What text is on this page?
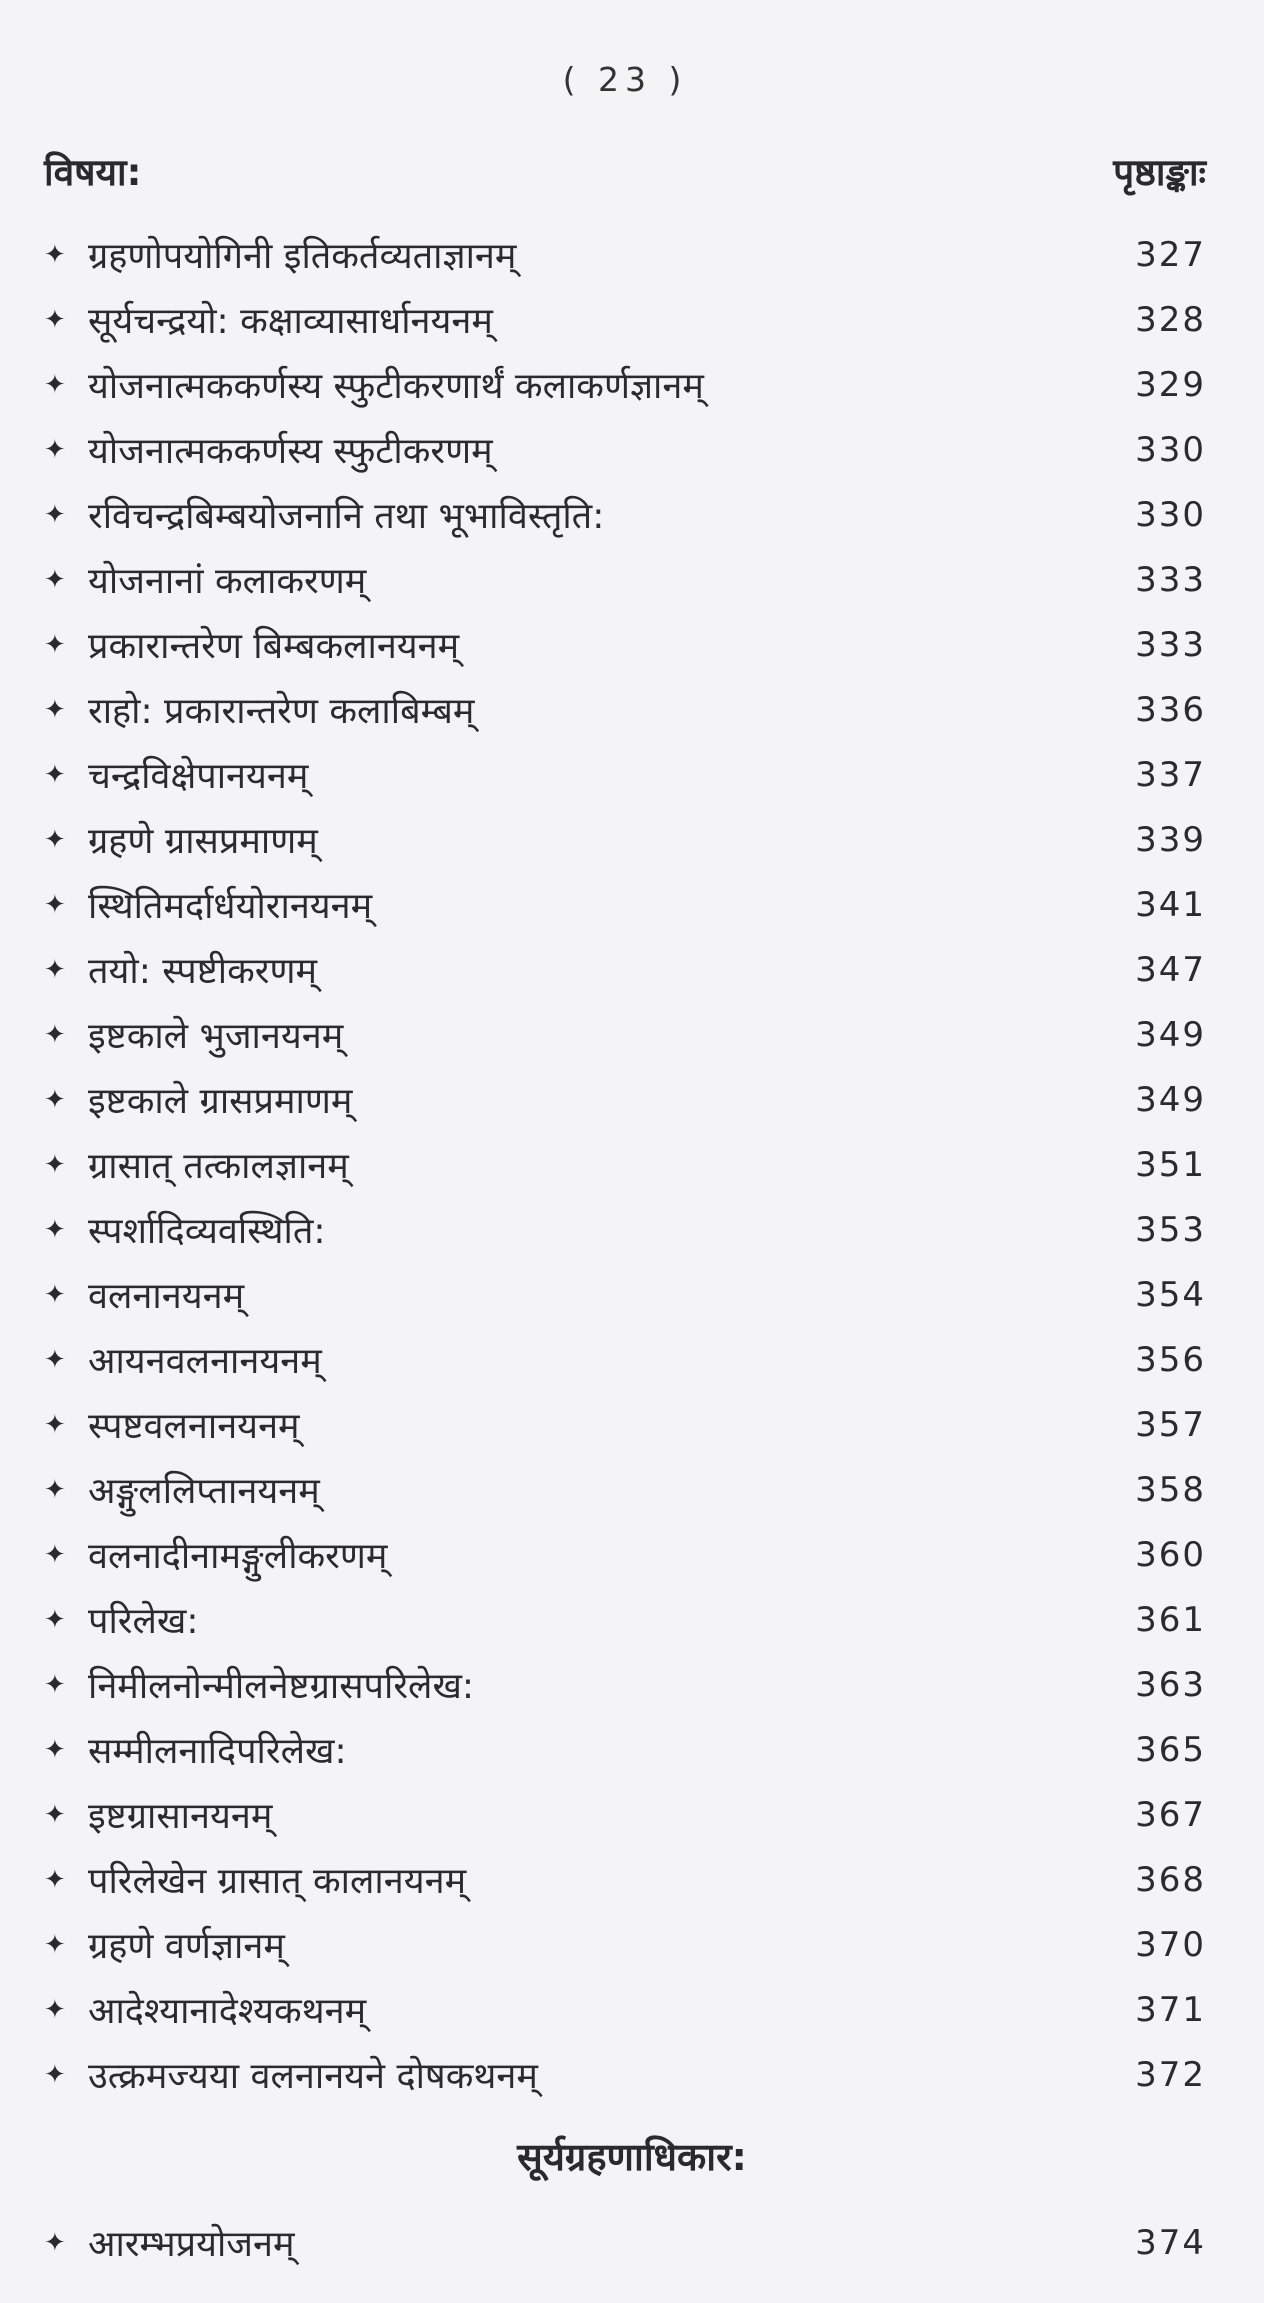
( 23 )
विषया:	पृष्ठाङ्काः
✦ ग्रहणोपयोगिनी इतिकर्तव्यताज्ञानम्	327
✦ सूर्यचन्द्रयो: कक्षाव्यासार्धानयनम्	328
✦ योजनात्मककर्णस्य स्फुटीकरणार्थं कलाकर्णज्ञानम्	329
✦ योजनात्मककर्णस्य स्फुटीकरणम्	330
✦ रविचन्द्रबिम्बयोजनानि तथा भूभाविस्तृति:	330
✦ योजनानां कलाकरणम्	333
✦ प्रकारान्तरेण बिम्बकलानयनम्	333
✦ राहो: प्रकारान्तरेण कलाबिम्बम्	336
✦ चन्द्रविक्षेपानयनम्	337
✦ ग्रहणे ग्रासप्रमाणम्	339
✦ स्थितिमर्दार्धयोरानयनम्	341
✦ तयो: स्पष्टीकरणम्	347
✦ इष्टकाले भुजानयनम्	349
✦ इष्टकाले ग्रासप्रमाणम्	349
✦ ग्रासात् तत्कालज्ञानम्	351
✦ स्पर्शादिव्यवस्थिति:	353
✦ वलनानयनम्	354
✦ आयनवलनानयनम्	356
✦ स्पष्टवलनानयनम्	357
✦ अङ्गुललिप्तानयनम्	358
✦ वलनादीनामङ्गुलीकरणम्	360
✦ परिलेख:	361
✦ निमीलनोन्मीलनेष्टग्रासपरिलेख:	363
✦ सम्मीलनादिपरिलेख:	365
✦ इष्टग्रासानयनम्	367
✦ परिलेखेन ग्रासात् कालानयनम्	368
✦ ग्रहणे वर्णज्ञानम्	370
✦ आदेश्यानादेश्यकथनम्	371
✦ उत्क्रमज्यया वलनानयने दोषकथनम्	372
सूर्यग्रहणाधिकार:
✦ आरम्भप्रयोजनम्	374
